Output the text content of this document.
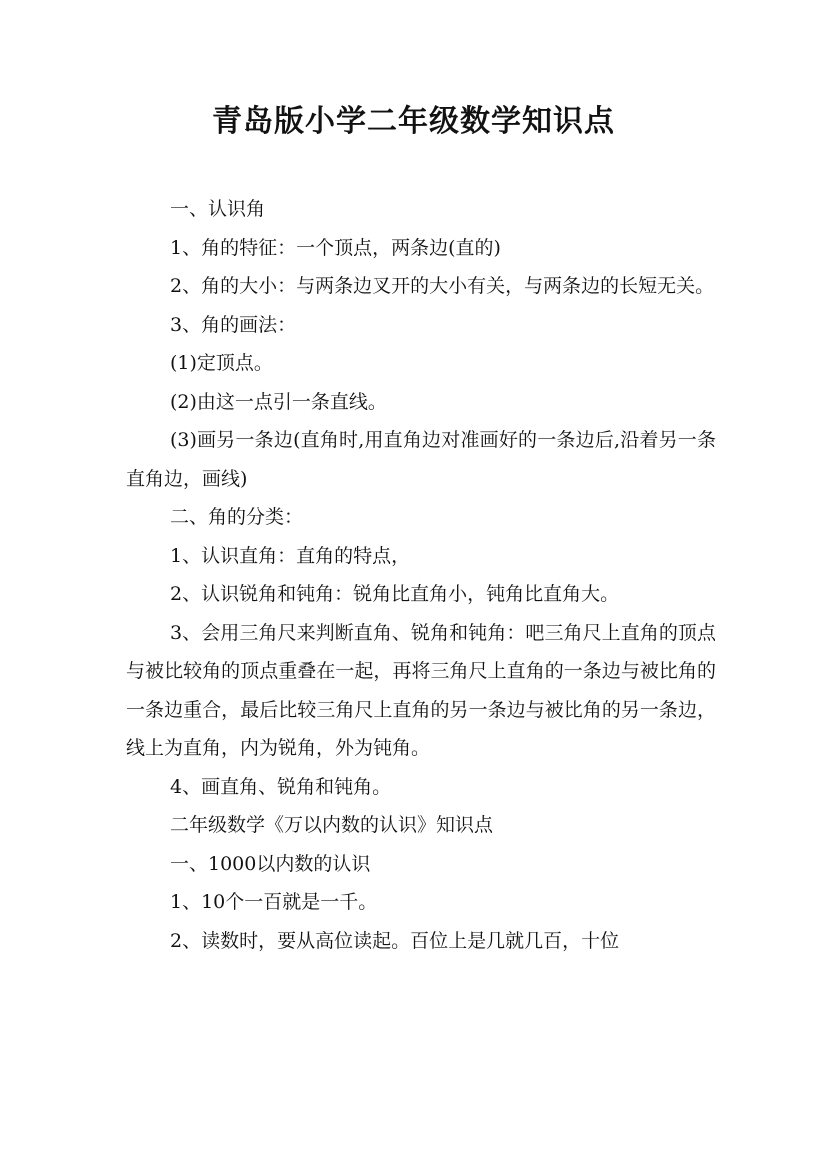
青岛版小学二年级数学知识点

一、认识角

1、角的特征：一个顶点，两条边(直的)

2、角的大小：与两条边叉开的大小有关，与两条边的长短无关。

3、角的画法：

(1)定顶点。

(2)由这一点引一条直线。

(3)画另一条边(直角时,用直角边对准画好的一条边后,沿着另一条直角边，画线)

二、角的分类：

1、认识直角：直角的特点，

2、认识锐角和钝角：锐角比直角小，钝角比直角大。

3、会用三角尺来判断直角、锐角和钝角：吧三角尺上直角的顶点与被比较角的顶点重叠在一起，再将三角尺上直角的一条边与被比角的一条边重合，最后比较三角尺上直角的另一条边与被比角的另一条边，线上为直角，内为锐角，外为钝角。

4、画直角、锐角和钝角。

二年级数学《万以内数的认识》知识点

一、1000以内数的认识

1、10个一百就是一千。

2、读数时，要从高位读起。百位上是几就几百，十位
